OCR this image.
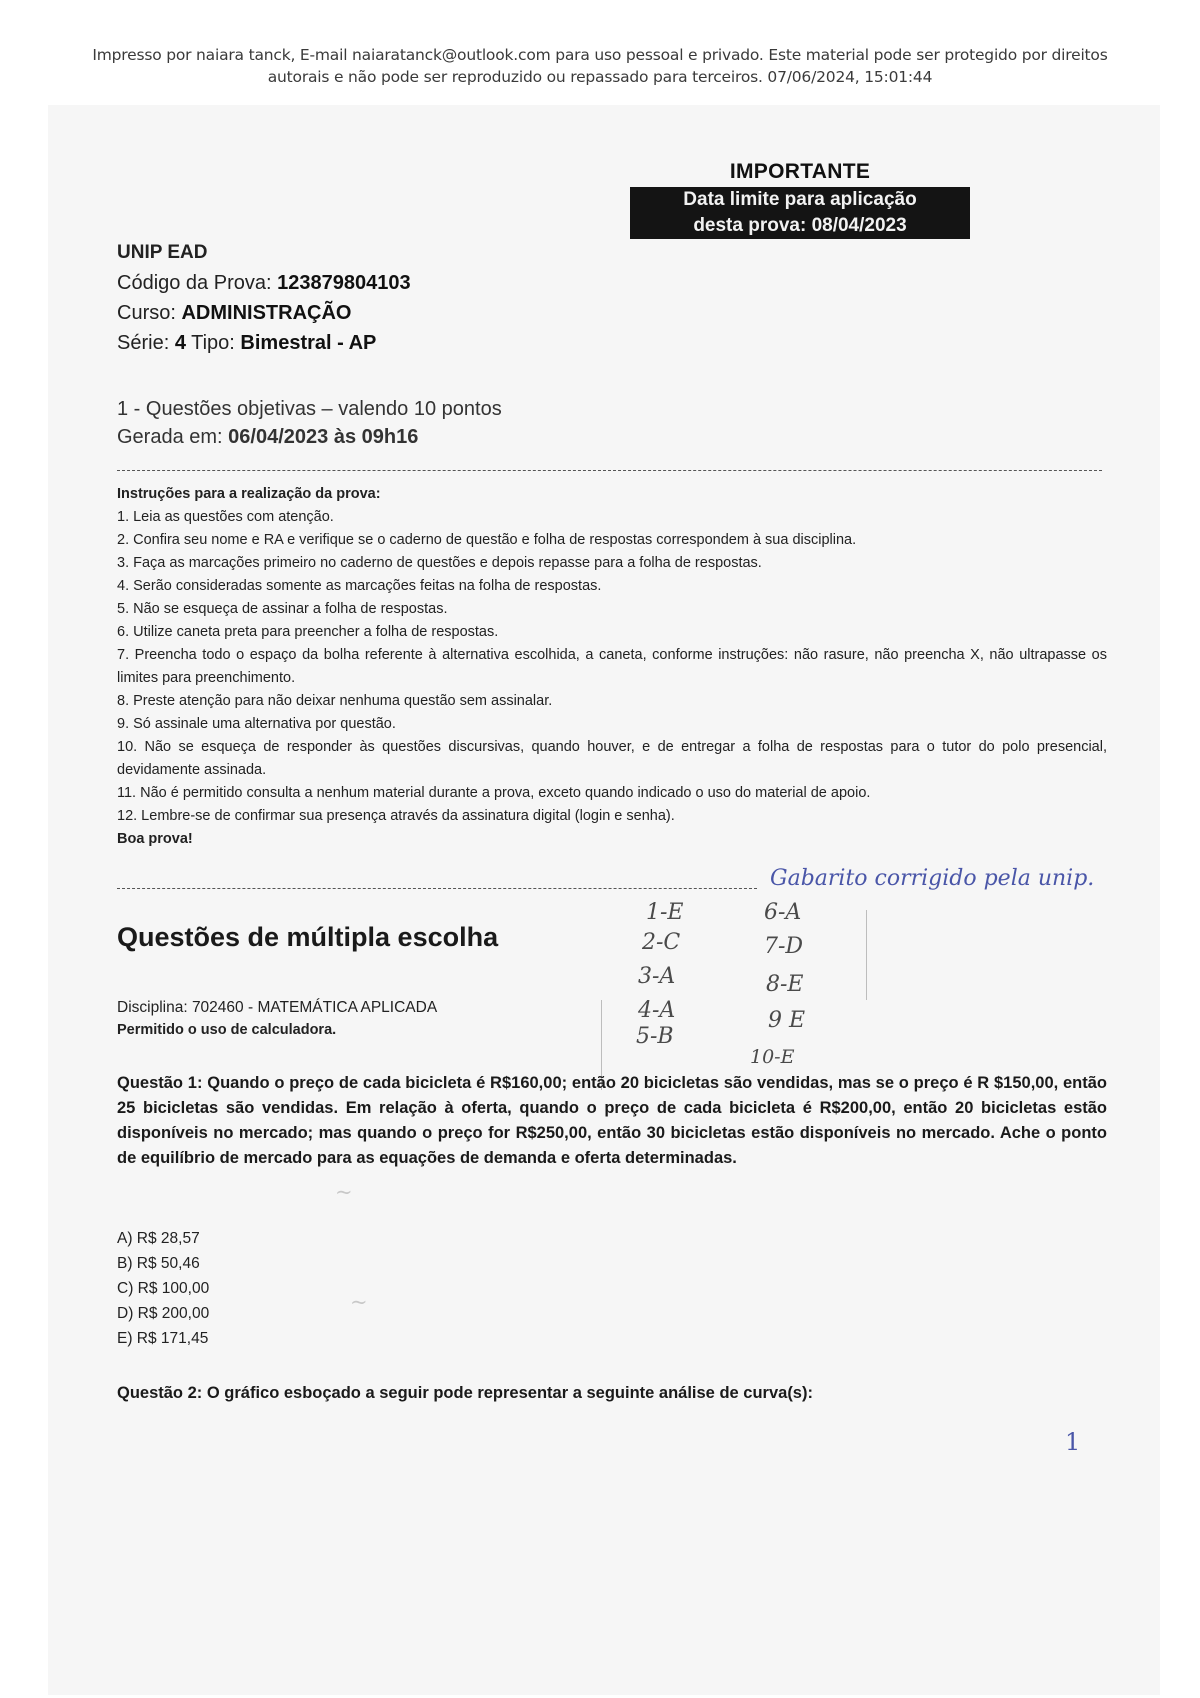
Impresso por naiara tanck, E-mail naiaratanck@outlook.com para uso pessoal e privado. Este material pode ser protegido por direitos
autorais e não pode ser reproduzido ou repassado para terceiros. 07/06/2024, 15:01:44
IMPORTANTE
Data limite para aplicação
desta prova: 08/04/2023
UNIP EAD
Código da Prova: 123879804103
Curso: ADMINISTRAÇÃO
Série: 4 Tipo: Bimestral - AP
1 - Questões objetivas – valendo 10 pontos
Gerada em: 06/04/2023 às 09h16
Instruções para a realização da prova:
1. Leia as questões com atenção.
2. Confira seu nome e RA e verifique se o caderno de questão e folha de respostas correspondem à sua disciplina.
3. Faça as marcações primeiro no caderno de questões e depois repasse para a folha de respostas.
4. Serão consideradas somente as marcações feitas na folha de respostas.
5. Não se esqueça de assinar a folha de respostas.
6. Utilize caneta preta para preencher a folha de respostas.
7. Preencha todo o espaço da bolha referente à alternativa escolhida, a caneta, conforme instruções: não rasure, não preencha X, não ultrapasse os limites para preenchimento.
8. Preste atenção para não deixar nenhuma questão sem assinalar.
9. Só assinale uma alternativa por questão.
10. Não se esqueça de responder às questões discursivas, quando houver, e de entregar a folha de respostas para o tutor do polo presencial, devidamente assinada.
11. Não é permitido consulta a nenhum material durante a prova, exceto quando indicado o uso do material de apoio.
12. Lembre-se de confirmar sua presença através da assinatura digital (login e senha).
Boa prova!
Gabarito corrigido pela unip.
Questões de múltipla escolha
1-E
2-C
3-A
4-A
5-B
6-A
7-D
8-E
9 E
10-E
Disciplina: 702460 - MATEMÁTICA APLICADA
Permitido o uso de calculadora.
Questão 1: Quando o preço de cada bicicleta é R$160,00; então 20 bicicletas são vendidas, mas se o preço é R $150,00, então 25 bicicletas são vendidas. Em relação à oferta, quando o preço de cada bicicleta é R$200,00, então 20 bicicletas estão disponíveis no mercado; mas quando o preço for R$250,00, então 30 bicicletas estão disponíveis no mercado. Ache o ponto de equilíbrio de mercado para as equações de demanda e oferta determinadas.
~
~
A) R$ 28,57
B) R$ 50,46
C) R$ 100,00
D) R$ 200,00
E) R$ 171,45
Questão 2: O gráfico esboçado a seguir pode representar a seguinte análise de curva(s):
1
